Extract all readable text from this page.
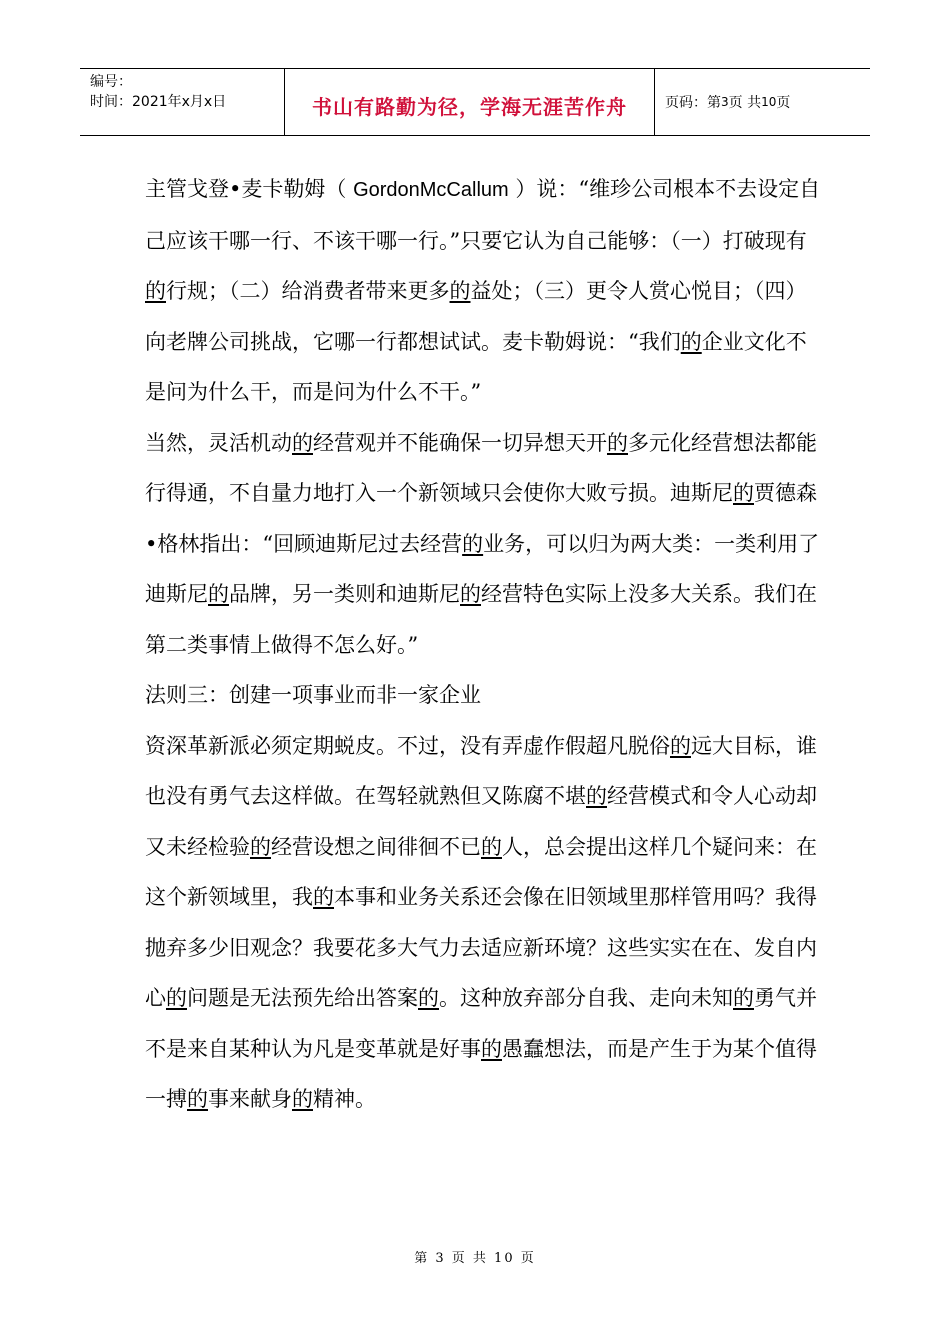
编号：
时间：2021年x月x日	书山有路勤为径，学海无涯苦作舟	页码：第 3 页 共 10 页

主管戈登•麦卡勒姆（ GordonMcCallum ）说：“维珍公司根本不去设定自己应该干哪一行、不该干哪一行。”只要它认为自己能够：（一）打破现有的行规；（二）给消费者带来更多的益处；（三）更令人赏心悦目；（四）向老牌公司挑战，它哪一行都想试试。麦卡勒姆说：“我们的企业文化不是问为什么干，而是问为什么不干。”

当然，灵活机动的经营观并不能确保一切异想天开的多元化经营想法都能行得通，不自量力地打入一个新领域只会使你大败亏损。迪斯尼的贾德森•格林指出：“回顾迪斯尼过去经营的业务，可以归为两大类：一类利用了迪斯尼的品牌，另一类则和迪斯尼的经营特色实际上没多大关系。我们在第二类事情上做得不怎么好。”

法则三：创建一项事业而非一家企业

资深革新派必须定期蜕皮。不过，没有弄虚作假超凡脱俗的远大目标，谁也没有勇气去这样做。在驾轻就熟但又陈腐不堪的经营模式和令人心动却又未经检验的经营设想之间徘徊不已的人，总会提出这样几个疑问来：在这个新领域里，我的本事和业务关系还会像在旧领域里那样管用吗？我得抛弃多少旧观念？我要花多大气力去适应新环境？这些实实在在、发自内心的问题是无法预先给出答案的。这种放弃部分自我、走向未知的勇气并不是来自某种认为凡是变革就是好事的愚蠢想法，而是产生于为某个值得一搏的事来献身的精神。

第 3 页 共 10 页
